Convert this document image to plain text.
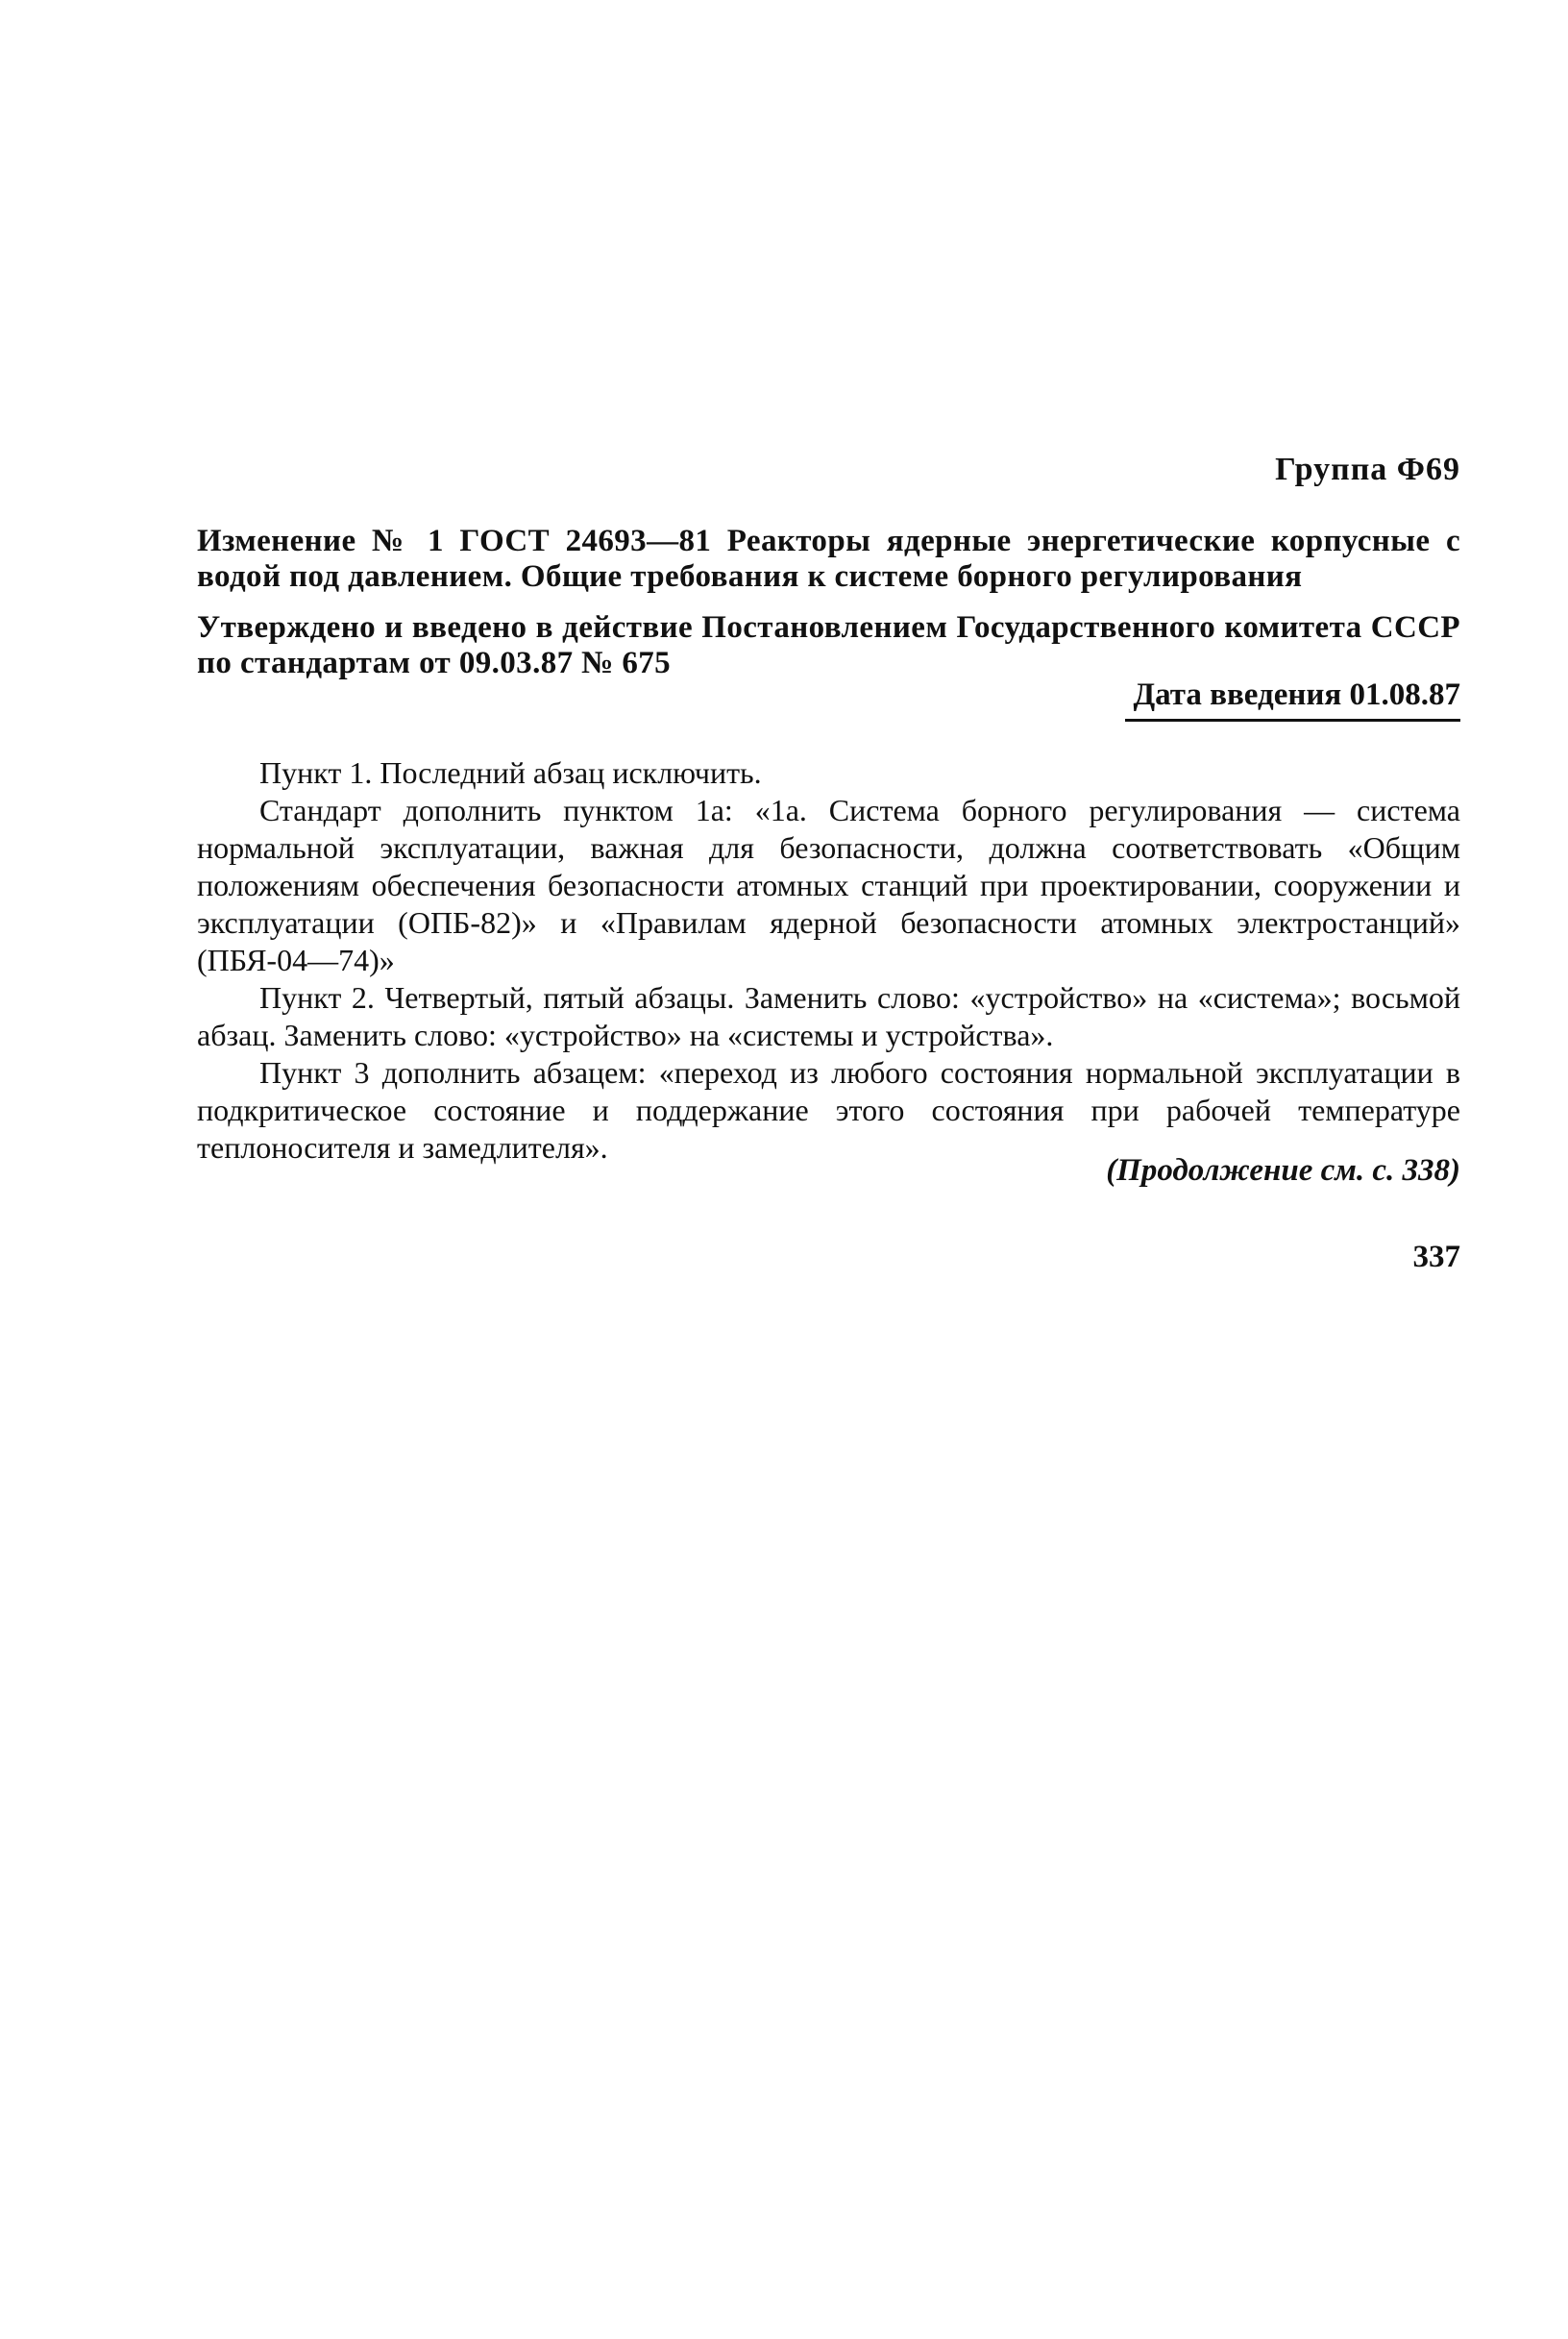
Группа Ф69
Изменение № 1 ГОСТ 24693—81 Реакторы ядерные энергетические корпусные с водой под давлением. Общие требования к системе борного регулирования
Утверждено и введено в действие Постановлением Государственного комитета СССР по стандартам от 09.03.87 № 675
Дата введения 01.08.87

Пункт 1. Последний абзац исключить.

Стандарт дополнить пунктом 1а: «1а. Система борного регулирования — система нормальной эксплуатации, важная для безопасности, должна соответствовать «Общим положениям обеспечения безопасности атомных станций при проектировании, сооружении и эксплуатации (ОПБ-82)» и «Правилам ядерной безопасности атомных электростанций» (ПБЯ-04—74)»

Пункт 2. Четвертый, пятый абзацы. Заменить слово: «устройство» на «система»; восьмой абзац. Заменить слово: «устройство» на «системы и устройства».

Пункт 3 дополнить абзацем: «переход из любого состояния нормальной эксплуатации в подкритическое состояние и поддержание этого состояния при рабочей температуре теплоносителя и замедлителя».

(Продолжение см. с. 338)
337
